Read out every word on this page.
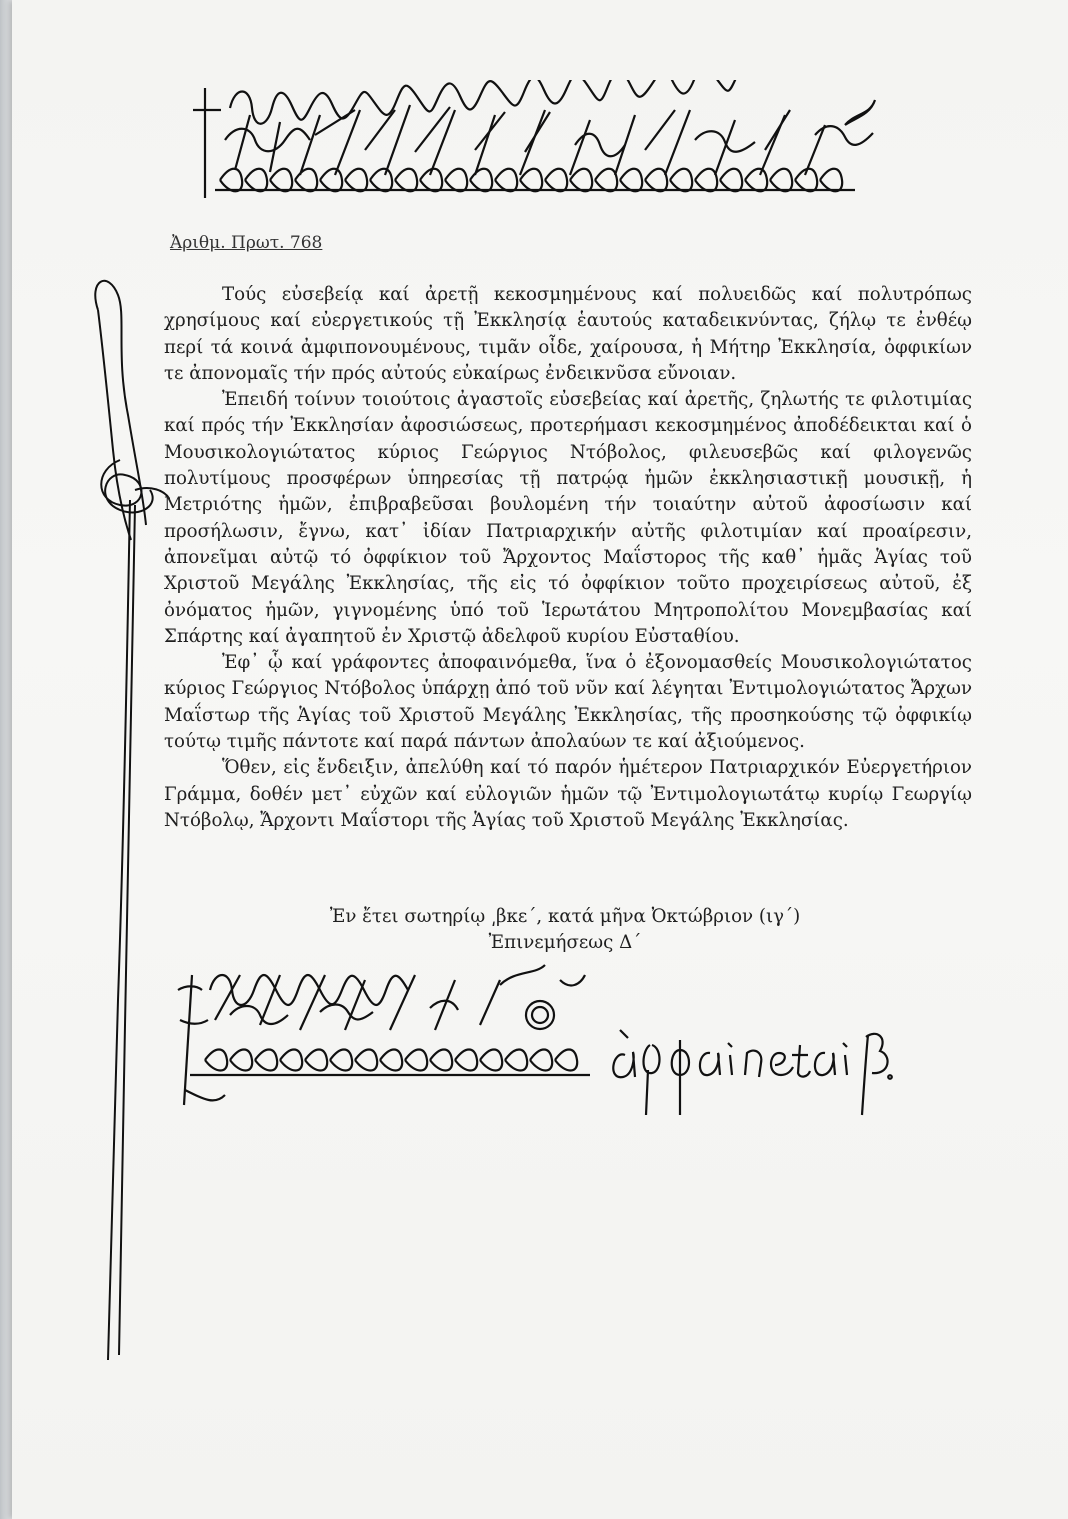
Ἀριθμ. Πρωτ. 768

Τούς εὐσεβείᾳ καί ἀρετῇ κεκοσμημένους καί πολυειδῶς καί πολυτρόπως χρησίμους καί εὐεργετικούς τῇ Ἐκκλησίᾳ ἑαυτούς καταδεικνύντας, ζήλῳ τε ἐνθέῳ περί τά κοινά ἀμφιπονουμένους, τιμᾶν οἶδε, χαίρουσα, ἡ Μήτηρ Ἐκκλησία, ὀφφικίων τε ἀπονομαῖς τήν πρός αὐτούς εὐκαίρως ἐνδεικνῦσα εὔνοιαν.

Ἐπειδή τοίνυν τοιούτοις ἀγαστοῖς εὐσεβείας καί ἀρετῆς, ζηλωτής τε φιλοτιμίας καί πρός τήν Ἐκκλησίαν ἀφοσιώσεως, προτερήμασι κεκοσμημένος ἀποδέδεικται καί ὁ Μουσικολογιώτατος κύριος Γεώργιος Ντόβολος, φιλευσεβῶς καί φιλογενῶς πολυτίμους προσφέρων ὑπηρεσίας τῇ πατρῴᾳ ἡμῶν ἐκκλησιαστικῇ μουσικῇ, ἡ Μετριότης ἡμῶν, ἐπιβραβεῦσαι βουλομένη τήν τοιαύτην αὐτοῦ ἀφοσίωσιν καί προσήλωσιν, ἔγνω, κατ᾽ ἰδίαν Πατριαρχικήν αὐτῆς φιλοτιμίαν καί προαίρεσιν, ἀπονεῖμαι αὐτῷ τό ὀφφίκιον τοῦ Ἄρχοντος Μαΐστορος τῆς καθ᾽ ἡμᾶς Ἁγίας τοῦ Χριστοῦ Μεγάλης Ἐκκλησίας, τῆς εἰς τό ὀφφίκιον τοῦτο προχειρίσεως αὐτοῦ, ἐξ ὀνόματος ἡμῶν, γιγνομένης ὑπό τοῦ Ἱερωτάτου Μητροπολίτου Μονεμβασίας καί Σπάρτης καί ἀγαπητοῦ ἐν Χριστῷ ἀδελφοῦ κυρίου Εὐσταθίου.

Ἐφ᾽ ᾧ καί γράφοντες ἀποφαινόμεθα, ἵνα ὁ ἐξονομασθείς Μουσικολογιώτατος κύριος Γεώργιος Ντόβολος ὑπάρχῃ ἀπό τοῦ νῦν καί λέγηται Ἐντιμολογιώτατος Ἄρχων Μαΐστωρ τῆς Ἁγίας τοῦ Χριστοῦ Μεγάλης Ἐκκλησίας, τῆς προσηκούσης τῷ ὀφφικίῳ τούτῳ τιμῆς πάντοτε καί παρά πάντων ἀπολαύων τε καί ἀξιούμενος.

Ὅθεν, εἰς ἔνδειξιν, ἀπελύθη καί τό παρόν ἡμέτερον Πατριαρχικόν Εὐεργετήριον Γράμμα, δοθέν μετ᾽ εὐχῶν καί εὐλογιῶν ἡμῶν τῷ Ἐντιμολογιωτάτῳ κυρίῳ Γεωργίῳ Ντόβολῳ, Ἄρχοντι Μαΐστορι τῆς Ἁγίας τοῦ Χριστοῦ Μεγάλης Ἐκκλησίας.

Ἐν ἔτει σωτηρίῳ ͵βκε΄, κατά μῆνα Ὀκτώβριον (ιγ΄)
Ἐπινεμήσεως Δ΄
